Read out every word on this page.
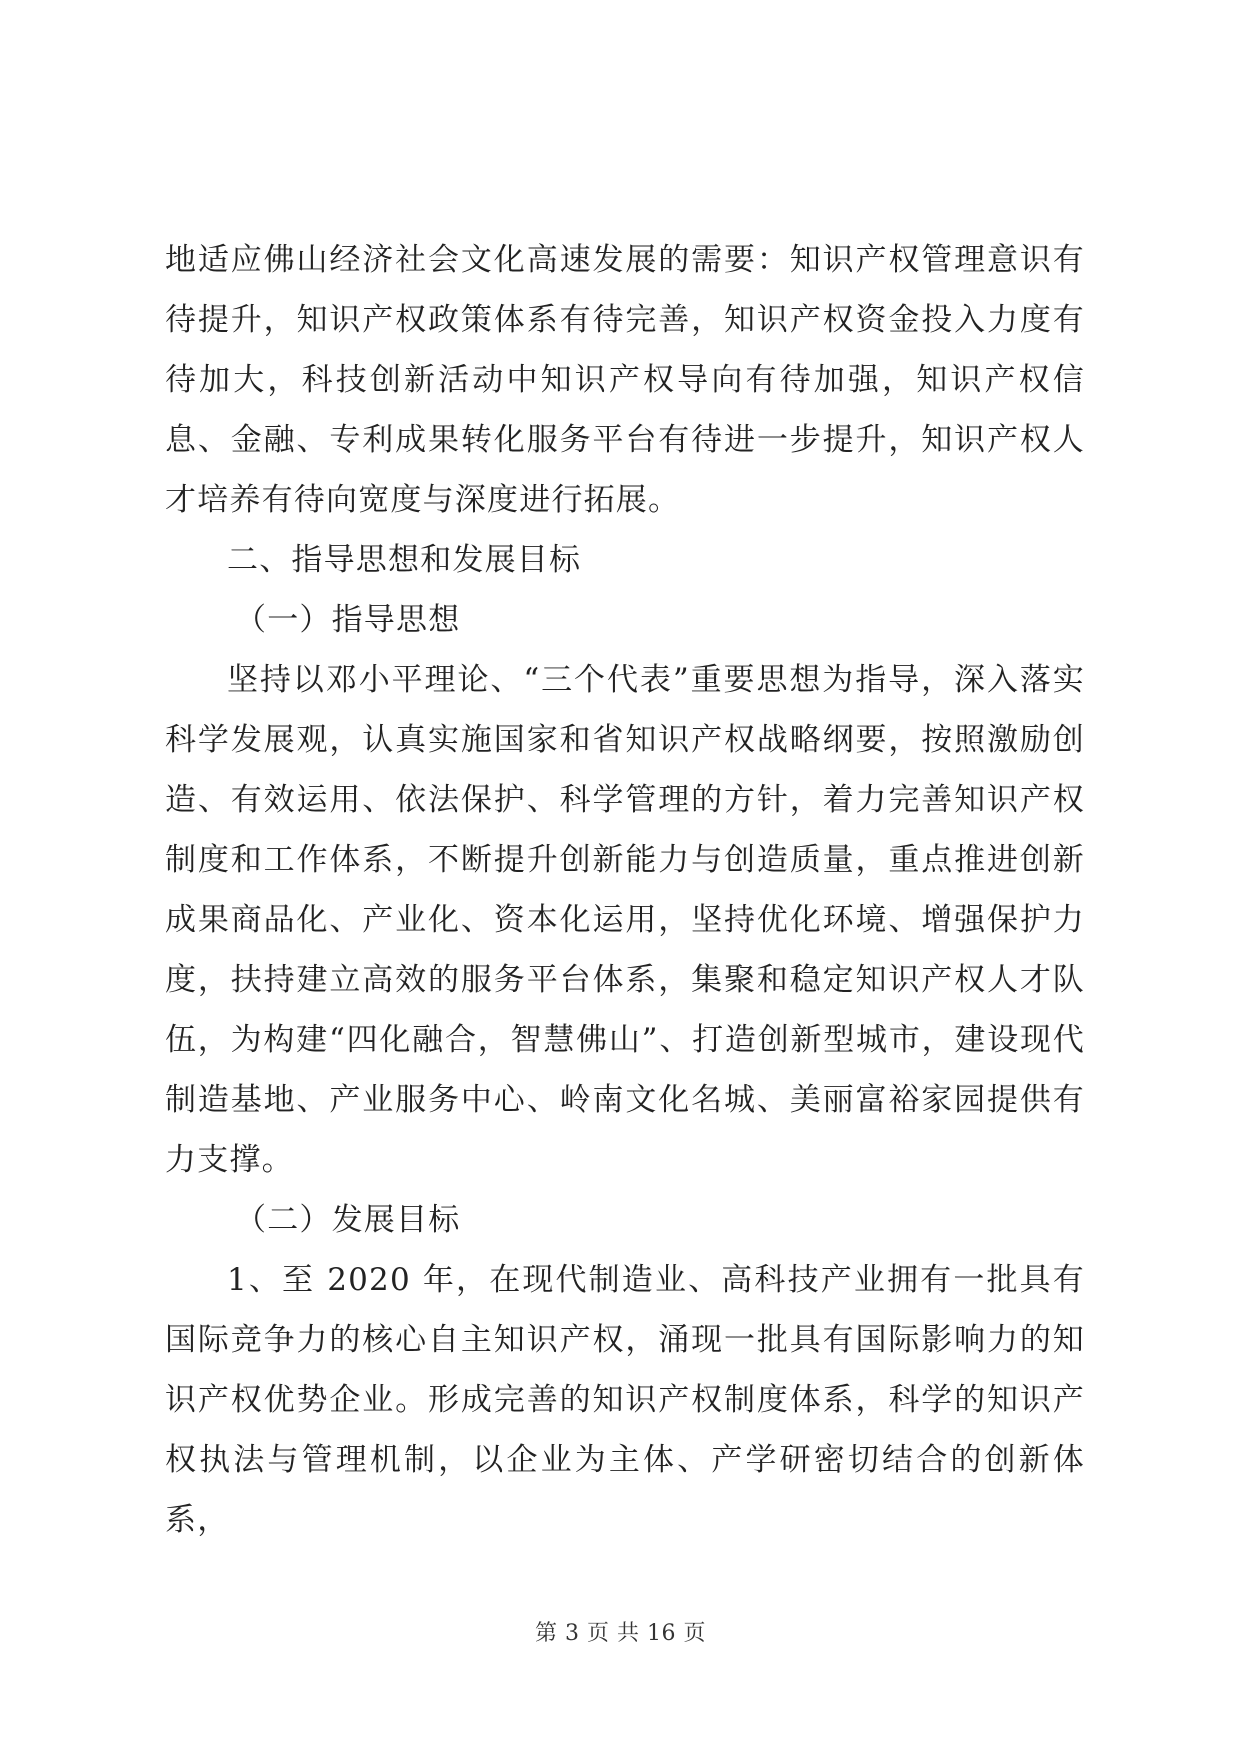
地适应佛山经济社会文化高速发展的需要：知识产权管理意识有待提升，知识产权政策体系有待完善，知识产权资金投入力度有待加大，科技创新活动中知识产权导向有待加强，知识产权信息、金融、专利成果转化服务平台有待进一步提升，知识产权人才培养有待向宽度与深度进行拓展。

二、指导思想和发展目标

（一）指导思想

坚持以邓小平理论、“三个代表”重要思想为指导，深入落实科学发展观，认真实施国家和省知识产权战略纲要，按照激励创造、有效运用、依法保护、科学管理的方针，着力完善知识产权制度和工作体系，不断提升创新能力与创造质量，重点推进创新成果商品化、产业化、资本化运用，坚持优化环境、增强保护力度，扶持建立高效的服务平台体系，集聚和稳定知识产权人才队伍，为构建“四化融合，智慧佛山”、打造创新型城市，建设现代制造基地、产业服务中心、岭南文化名城、美丽富裕家园提供有力支撑。

（二）发展目标

1、至 2020 年，在现代制造业、高科技产业拥有一批具有国际竞争力的核心自主知识产权，涌现一批具有国际影响力的知识产权优势企业。形成完善的知识产权制度体系，科学的知识产权执法与管理机制，以企业为主体、产学研密切结合的创新体系，

第 3 页 共 16 页
